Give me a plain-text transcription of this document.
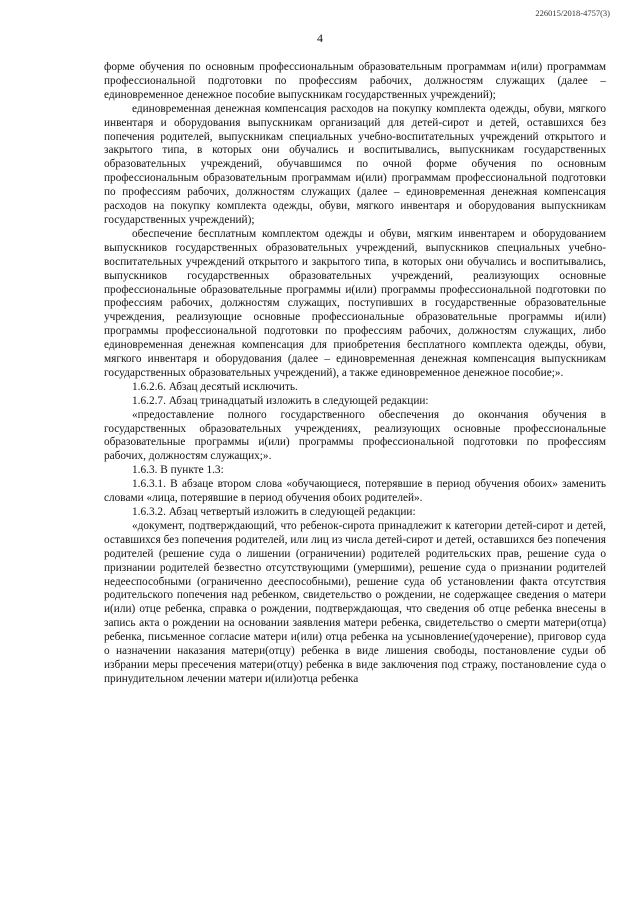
226015/2018-4757(3)
4

форме обучения по основным профессиональным образовательным программам и(или) программам профессиональной подготовки по профессиям рабочих, должностям служащих (далее – единовременное денежное пособие выпускникам государственных учреждений);

единовременная денежная компенсация расходов на покупку комплекта одежды, обуви, мягкого инвентаря и оборудования выпускникам организаций для детей-сирот и детей, оставшихся без попечения родителей, выпускникам специальных учебно-воспитательных учреждений открытого и закрытого типа, в которых они обучались и воспитывались, выпускникам государственных образовательных учреждений, обучавшимся по очной форме обучения по основным профессиональным образовательным программам и(или) программам профессиональной подготовки по профессиям рабочих, должностям служащих (далее – единовременная денежная компенсация расходов на покупку комплекта одежды, обуви, мягкого инвентаря и оборудования выпускникам государственных учреждений);

обеспечение бесплатным комплектом одежды и обуви, мягким инвентарем и оборудованием выпускников государственных образовательных учреждений, выпускников специальных учебно-воспитательных учреждений открытого и закрытого типа, в которых они обучались и воспитывались, выпускников государственных образовательных учреждений, реализующих основные профессиональные образовательные программы и(или) программы профессиональной подготовки по профессиям рабочих, должностям служащих, поступивших в государственные образовательные учреждения, реализующие основные профессиональные образовательные программы и(или) программы профессиональной подготовки по профессиям рабочих, должностям служащих, либо единовременная денежная компенсация для приобретения бесплатного комплекта одежды, обуви, мягкого инвентаря и оборудования (далее – единовременная денежная компенсация выпускникам государственных образовательных учреждений), а также единовременное денежное пособие;».

1.6.2.6. Абзац десятый исключить.

1.6.2.7. Абзац тринадцатый изложить в следующей редакции:

«предоставление полного государственного обеспечения до окончания обучения в государственных образовательных учреждениях, реализующих основные профессиональные образовательные программы и(или) программы профессиональной подготовки по профессиям рабочих, должностям служащих;».

1.6.3. В пункте 1.3:

1.6.3.1. В абзаце втором слова «обучающиеся, потерявшие в период обучения обоих» заменить словами «лица, потерявшие в период обучения обоих родителей».

1.6.3.2. Абзац четвертый изложить в следующей редакции:

«документ, подтверждающий, что ребенок-сирота принадлежит к категории детей-сирот и детей, оставшихся без попечения родителей, или лиц из числа детей-сирот и детей, оставшихся без попечения родителей (решение суда о лишении (ограничении) родителей родительских прав, решение суда о признании родителей безвестно отсутствующими (умершими), решение суда о признании родителей недееспособными (ограниченно дееспособными), решение суда об установлении факта отсутствия родительского попечения над ребенком, свидетельство о рождении, не содержащее сведения о матери и(или) отце ребенка, справка о рождении, подтверждающая, что сведения об отце ребенка внесены в запись акта о рождении на основании заявления матери ребенка, свидетельство о смерти матери(отца) ребенка, письменное согласие матери и(или) отца ребенка на усыновление(удочерение), приговор суда о назначении наказания матери(отцу) ребенка в виде лишения свободы, постановление судьи об избрании меры пресечения матери(отцу) ребенка в виде заключения под стражу, постановление суда о принудительном лечении матери и(или)отца ребенка
